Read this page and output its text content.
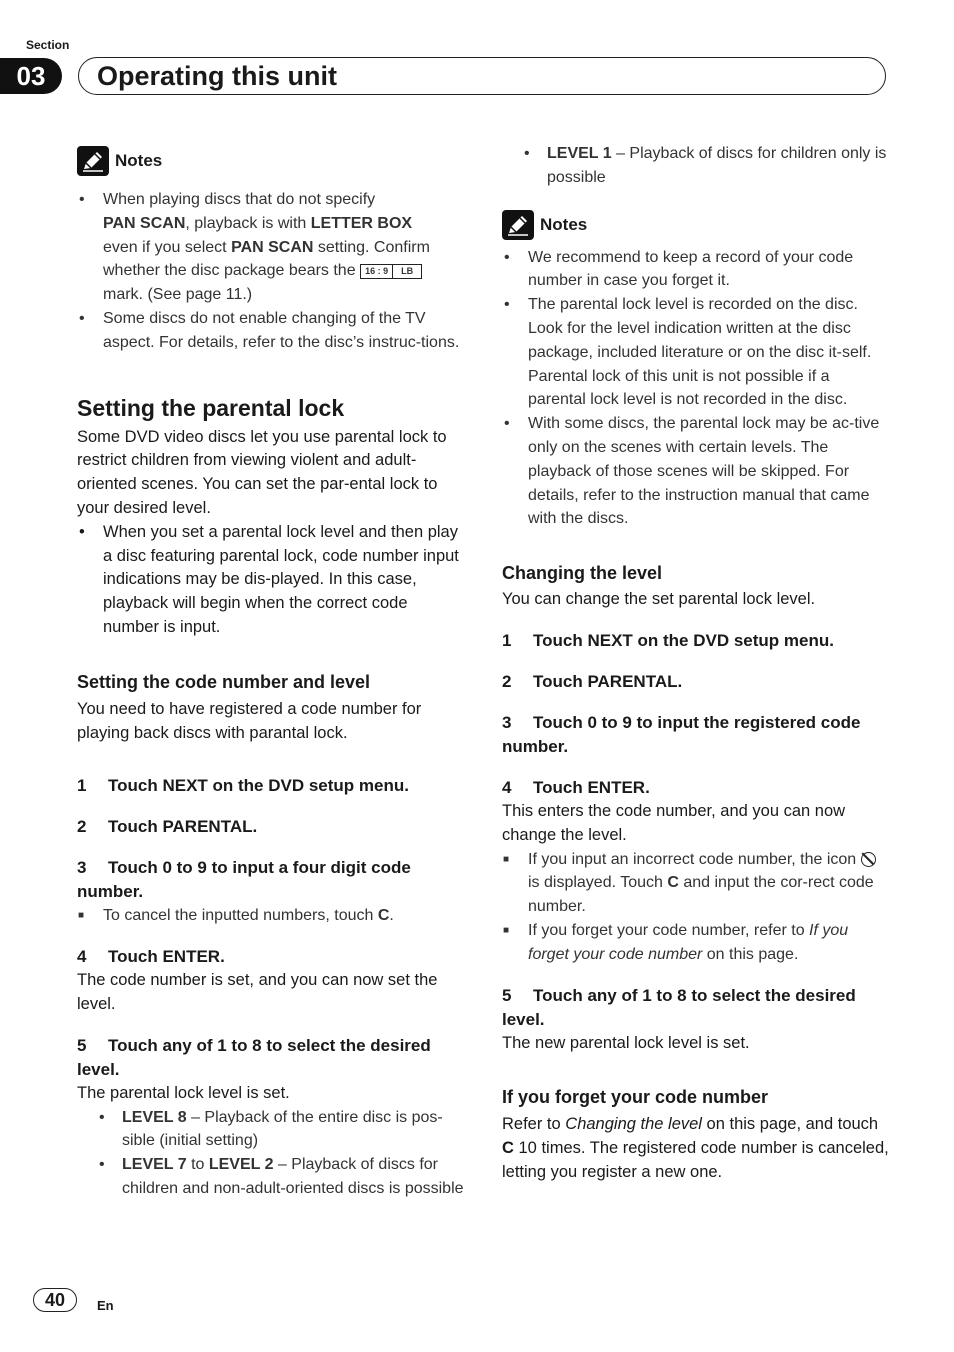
Section
03	Operating this unit
Notes
• When playing discs that do not specify
PAN SCAN, playback is with LETTER BOX
even if you select PAN SCAN setting. Confirm
whether the disc package bears the	16 : 9	LB

mark. (See page 11.)
• Some discs do not enable changing of the TV aspect. For details, refer to the disc’s instruc-tions.
Setting the parental lock
Some DVD video discs let you use parental lock to restrict children from viewing violent and adult-oriented scenes. You can set the par-ental lock to your desired level.
• When you set a parental lock level and then play a disc featuring parental lock, code number input indications may be dis-played. In this case, playback will begin when the correct code number is input.
Setting the code number and level
You need to have registered a code number for playing back discs with parantal lock.
1 Touch NEXT on the DVD setup menu.
2 Touch PARENTAL.
3 Touch 0 to 9 to input a four digit code number.
■ To cancel the inputted numbers, touch C.
4 Touch ENTER.
The code number is set, and you can now set the level.
5 Touch any of 1 to 8 to select the desired level.
The parental lock level is set.
• LEVEL 8 – Playback of the entire disc is pos-sible (initial setting)
• LEVEL 7 to LEVEL 2 – Playback of discs for children and non-adult-oriented discs is possible
• LEVEL 1 – Playback of discs for children only is possible
Notes
• We recommend to keep a record of your code number in case you forget it.
• The parental lock level is recorded on the disc. Look for the level indication written at the disc package, included literature or on the disc it-self. Parental lock of this unit is not possible if a parental lock level is not recorded in the disc.
• With some discs, the parental lock may be ac-tive only on the scenes with certain levels. The playback of those scenes will be skipped. For details, refer to the instruction manual that came with the discs.
Changing the level
You can change the set parental lock level.
1 Touch NEXT on the DVD setup menu.
2 Touch PARENTAL.
3 Touch 0 to 9 to input the registered code number.
4 Touch ENTER.
This enters the code number, and you can now change the level.
■ If you input an incorrect code number, the icon  is displayed. Touch C and input the cor-rect code number.
■ If you forget your code number, refer to If you forget your code number on this page.
5 Touch any of 1 to 8 to select the desired level.
The new parental lock level is set.
If you forget your code number
Refer to Changing the level on this page, and touch C 10 times. The registered code number is canceled, letting you register a new one.
40	En
